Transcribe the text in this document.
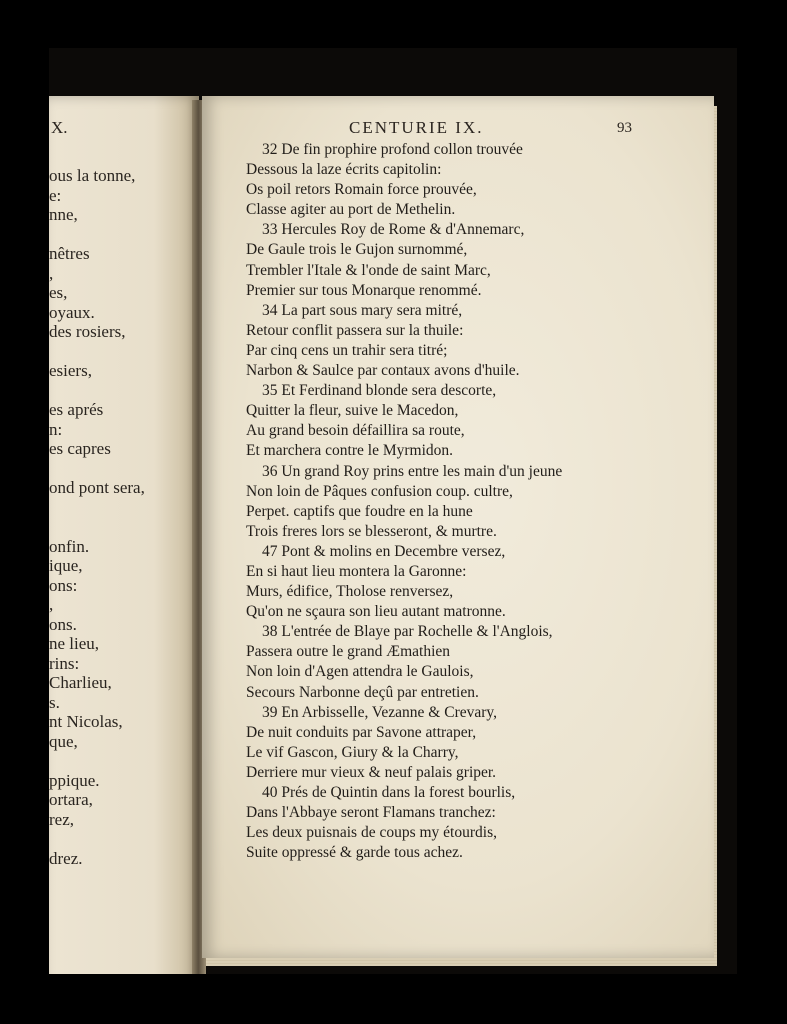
X.
ous la tonne,
e:
nne,
nêtres
,
es,
oyaux.
des rosiers,
esiers,
es aprés
n:
es capres
ond pont sera,
onfin.
ique,
ons:
,
ons.
ne lieu,
rins:
Charlieu,
s.
nt Nicolas,
que,
ppique.
ortara,
rez,
drez.
CENTURIE IX.	93
32 De fin prophire profond collon trouvée
Dessous la laze écrits capitolin:
Os poil retors Romain force prouvée,
Classe agiter au port de Methelin.
33 Hercules Roy de Rome & d'Annemarc,
De Gaule trois le Gujon surnommé,
Trembler l'Itale & l'onde de saint Marc,
Premier sur tous Monarque renommé.
34 La part sous mary sera mitré,
Retour conflit passera sur la thuile:
Par cinq cens un trahir sera titré;
Narbon & Saulce par contaux avons d'huile.
35 Et Ferdinand blonde sera descorte,
Quitter la fleur, suive le Macedon,
Au grand besoin défaillira sa route,
Et marchera contre le Myrmidon.
36 Un grand Roy prins entre les main d'un jeune
Non loin de Pâques confusion coup. cultre,
Perpet. captifs que foudre en la hune
Trois freres lors se blesseront, & murtre.
47 Pont & molins en Decembre versez,
En si haut lieu montera la Garonne:
Murs, édifice, Tholose renversez,
Qu'on ne sçaura son lieu autant matronne.
38 L'entrée de Blaye par Rochelle & l'Anglois,
Passera outre le grand Æmathien
Non loin d'Agen attendra le Gaulois,
Secours Narbonne deçû par entretien.
39 En Arbisselle, Vezanne & Crevary,
De nuit conduits par Savone attraper,
Le vif Gascon, Giury & la Charry,
Derriere mur vieux & neuf palais griper.
40 Prés de Quintin dans la forest bourlis,
Dans l'Abbaye seront Flamans tranchez:
Les deux puisnais de coups my étourdis,
Suite oppressé & garde tous achez.
